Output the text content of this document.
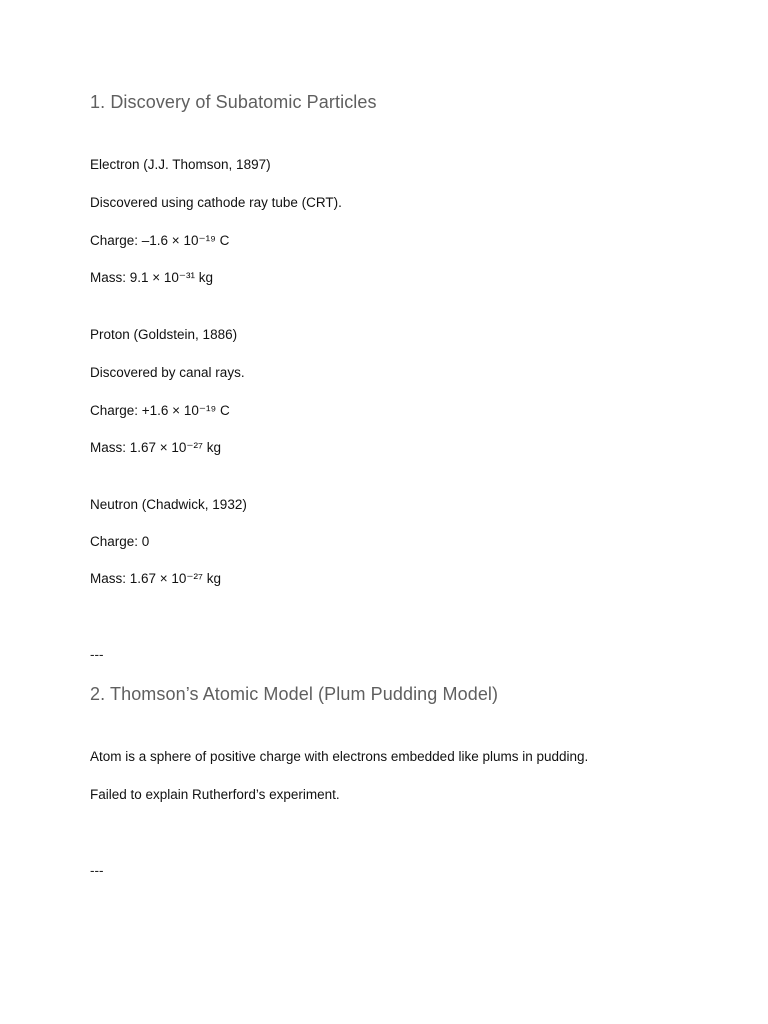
1. Discovery of Subatomic Particles
Electron (J.J. Thomson, 1897)
Discovered using cathode ray tube (CRT).
Charge: –1.6 × 10⁻¹⁹ C
Mass: 9.1 × 10⁻³¹ kg
Proton (Goldstein, 1886)
Discovered by canal rays.
Charge: +1.6 × 10⁻¹⁹ C
Mass: 1.67 × 10⁻²⁷ kg
Neutron (Chadwick, 1932)
Charge: 0
Mass: 1.67 × 10⁻²⁷ kg
---
2. Thomson’s Atomic Model (Plum Pudding Model)
Atom is a sphere of positive charge with electrons embedded like plums in pudding.
Failed to explain Rutherford’s experiment.
---
